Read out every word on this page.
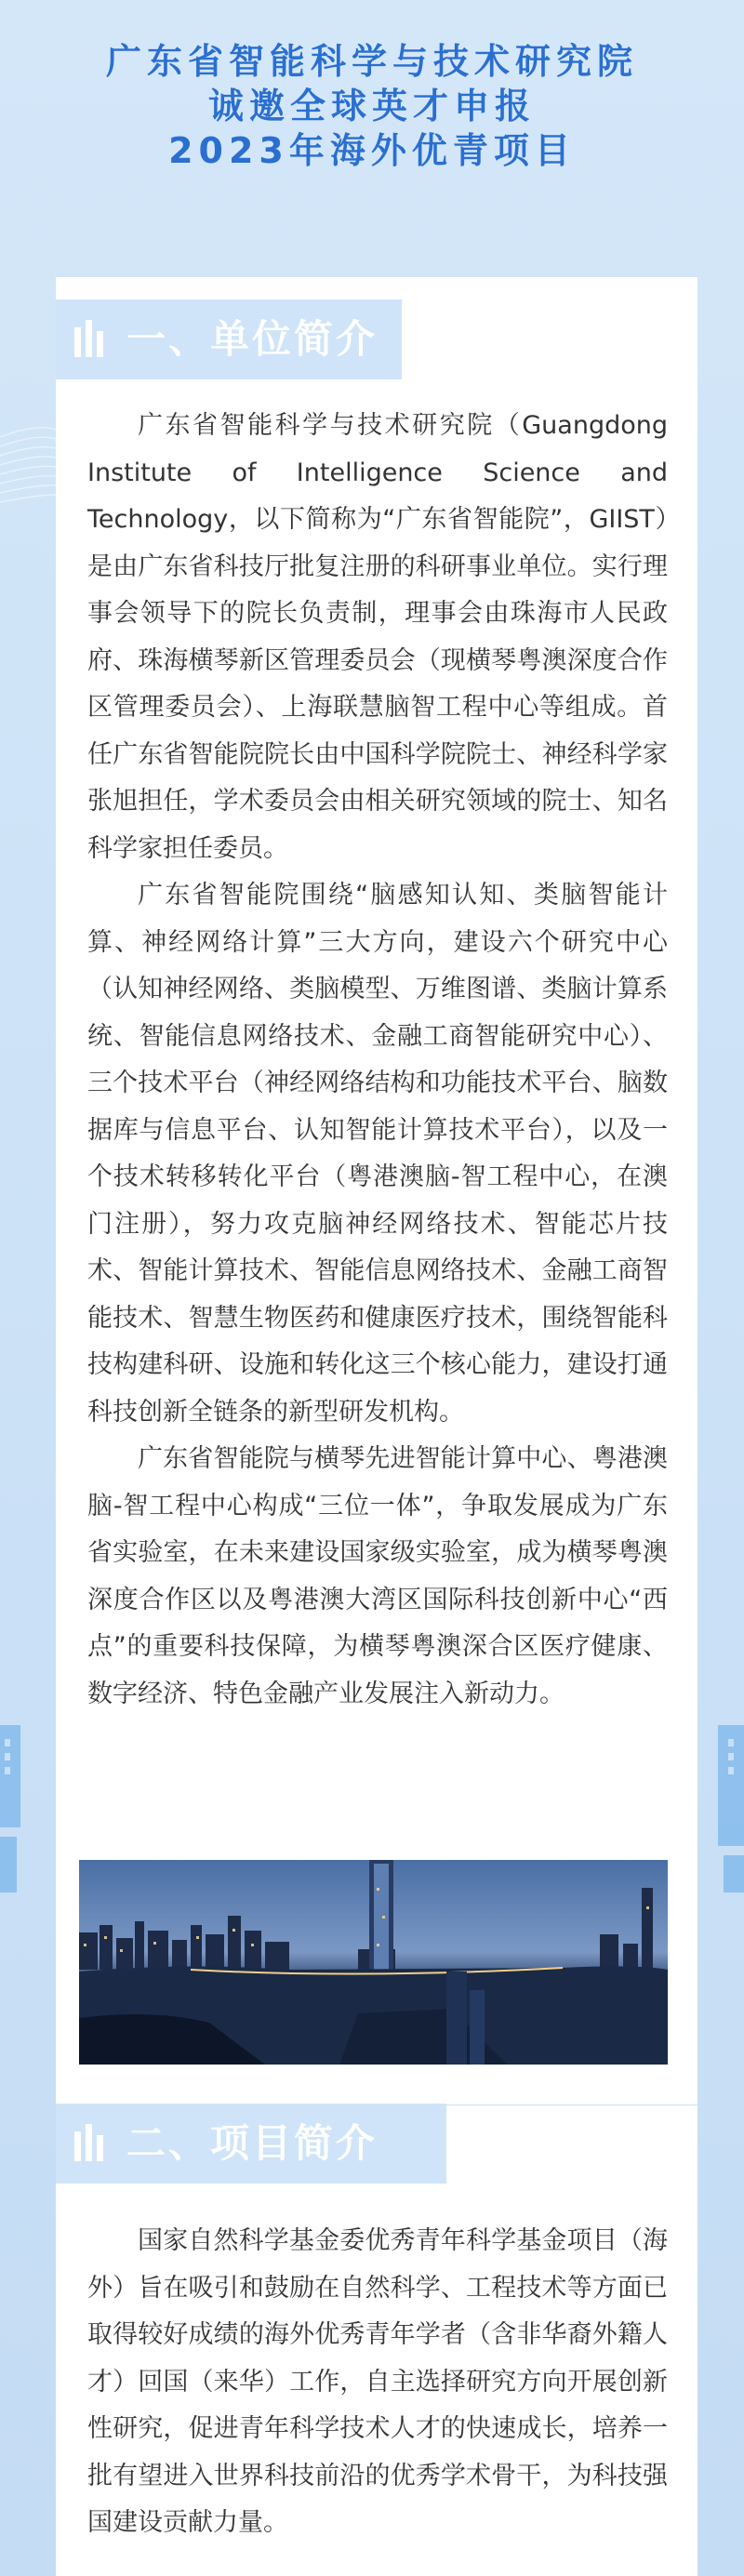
广东省智能科学与技术研究院
诚邀全球英才申报
2023年海外优青项目
一、单位简介

广东省智能科学与技术研究院（Guangdong Institute of Intelligence Science and Technology，以下简称为“广东省智能院”，GIIST）是由广东省科技厅批复注册的科研事业单位。实行理事会领导下的院长负责制，理事会由珠海市人民政府、珠海横琴新区管理委员会（现横琴粤澳深度合作区管理委员会）、上海联慧脑智工程中心等组成。首任广东省智能院院长由中国科学院院士、神经科学家张旭担任，学术委员会由相关研究领域的院士、知名科学家担任委员。

广东省智能院围绕“脑感知认知、类脑智能计算、神经网络计算”三大方向，建设六个研究中心（认知神经网络、类脑模型、万维图谱、类脑计算系统、智能信息网络技术、金融工商智能研究中心）、三个技术平台（神经网络结构和功能技术平台、脑数据库与信息平台、认知智能计算技术平台），以及一个技术转移转化平台（粤港澳脑-智工程中心，在澳门注册），努力攻克脑神经网络技术、智能芯片技术、智能计算技术、智能信息网络技术、金融工商智能技术、智慧生物医药和健康医疗技术，围绕智能科技构建科研、设施和转化这三个核心能力，建设打通科技创新全链条的新型研发机构。

广东省智能院与横琴先进智能计算中心、粤港澳脑-智工程中心构成“三位一体”，争取发展成为广东省实验室，在未来建设国家级实验室，成为横琴粤澳深度合作区以及粤港澳大湾区国际科技创新中心“西点”的重要科技保障，为横琴粤澳深合区医疗健康、数字经济、特色金融产业发展注入新动力。

二、项目简介

国家自然科学基金委优秀青年科学基金项目（海外）旨在吸引和鼓励在自然科学、工程技术等方面已取得较好成绩的海外优秀青年学者（含非华裔外籍人才）回国（来华）工作，自主选择研究方向开展创新性研究，促进青年科学技术人才的快速成长，培养一批有望进入世界科技前沿的优秀学术骨干，为科技强国建设贡献力量。
